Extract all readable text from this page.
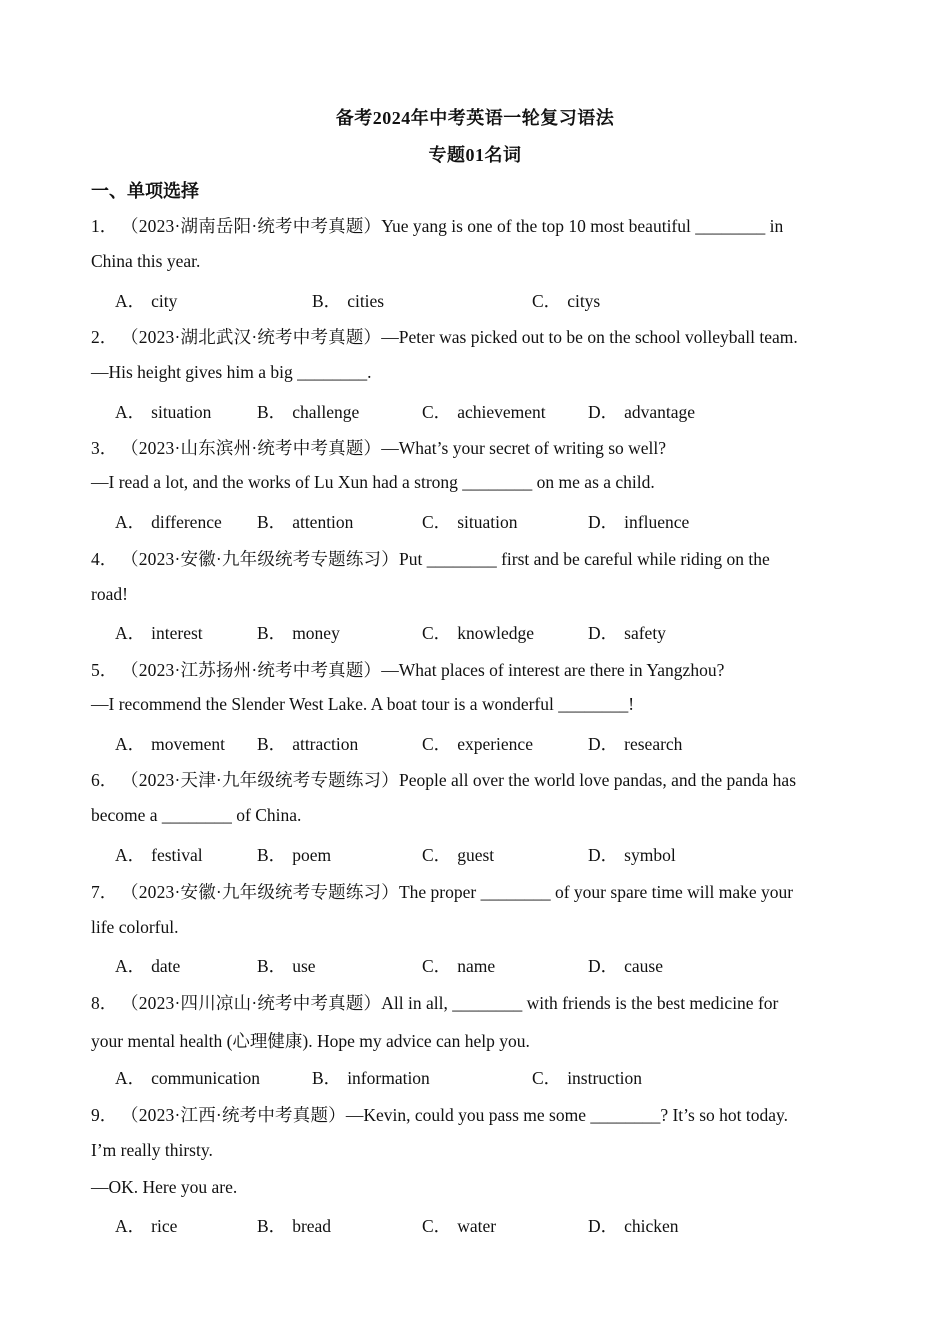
备考2024年中考英语一轮复习语法
专题01名词
一、单项选择
1． （2023·湖南岳阳·统考中考真题）Yue yang is one of the top 10 most beautiful ________ in
China this year.
A． city	B． cities	C． citys
2． （2023·湖北武汉·统考中考真题）—Peter was picked out to be on the school volleyball team.
—His height gives him a big ________.
A． situation	B． challenge	C． achievement D． advantage
3． （2023·山东滨州·统考中考真题）—What’s your secret of writing so well?
—I read a lot, and the works of Lu Xun had a strong ________ on me as a child.
A． difference B． attention	C． situation	D． influence
4． （2023·安徽·九年级统考专题练习）Put ________ first and be careful while riding on the
road!
A． interest	B． money	C． knowledge	D． safety
5． （2023·江苏扬州·统考中考真题）—What places of interest are there in Yangzhou?
—I recommend the Slender West Lake. A boat tour is a wonderful ________!
A． movement B． attraction	C． experience	D． research
6． （2023·天津·九年级统考专题练习）People all over the world love pandas, and the panda has
become a ________ of China.
A． festival	B． poem	C． guest	D． symbol
7． （2023·安徽·九年级统考专题练习）The proper ________ of your spare time will make your
life colorful.
A． date	B． use	C． name	D． cause
8． （2023·四川凉山·统考中考真题）All in all, ________ with friends is the best medicine for
your mental health (心理健康). Hope my advice can help you.
A． communication	B． information	C． instruction
9． （2023·江西·统考中考真题）—Kevin, could you pass me some ________? It’s so hot today.
I’m really thirsty.
—OK. Here you are.
A． rice	B． bread	C． water	D． chicken
